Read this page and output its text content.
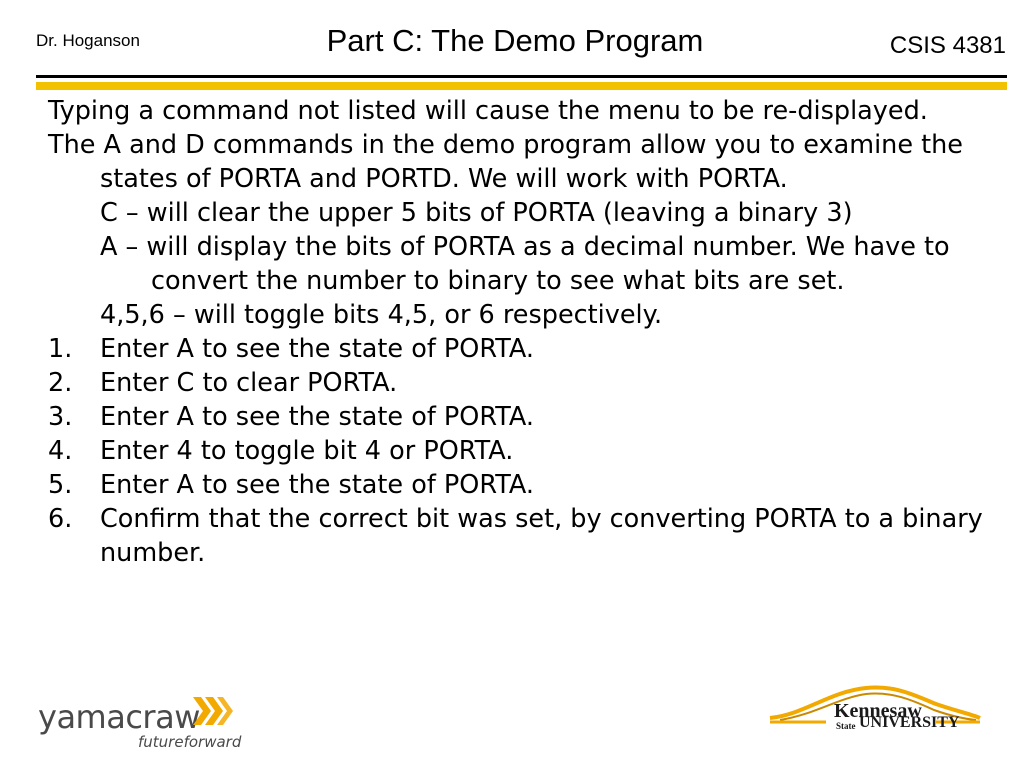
Dr. Hoganson	Part C: The Demo Program	CSIS 4381

Typing a command not listed will cause the menu to be re-displayed.

The A and D commands in the demo program allow you to examine the states of PORTA and PORTD. We will work with PORTA.

C – will clear the upper 5 bits of PORTA (leaving a binary 3)

A – will display the bits of PORTA as a decimal number. We have to convert the number to binary to see what bits are set.

4,5,6 – will toggle bits 4,5, or 6 respectively.

1.	Enter A to see the state of PORTA.
2.	Enter C to clear PORTA.
3.	Enter A to see the state of PORTA.
4.	Enter 4 to toggle bit 4 or PORTA.
5.	Enter A to see the state of PORTA.
6.	Confirm that the correct bit was set, by converting PORTA to a binary number.
yamacraw
futureforward
Kennesaw
State UNIVERSITY
